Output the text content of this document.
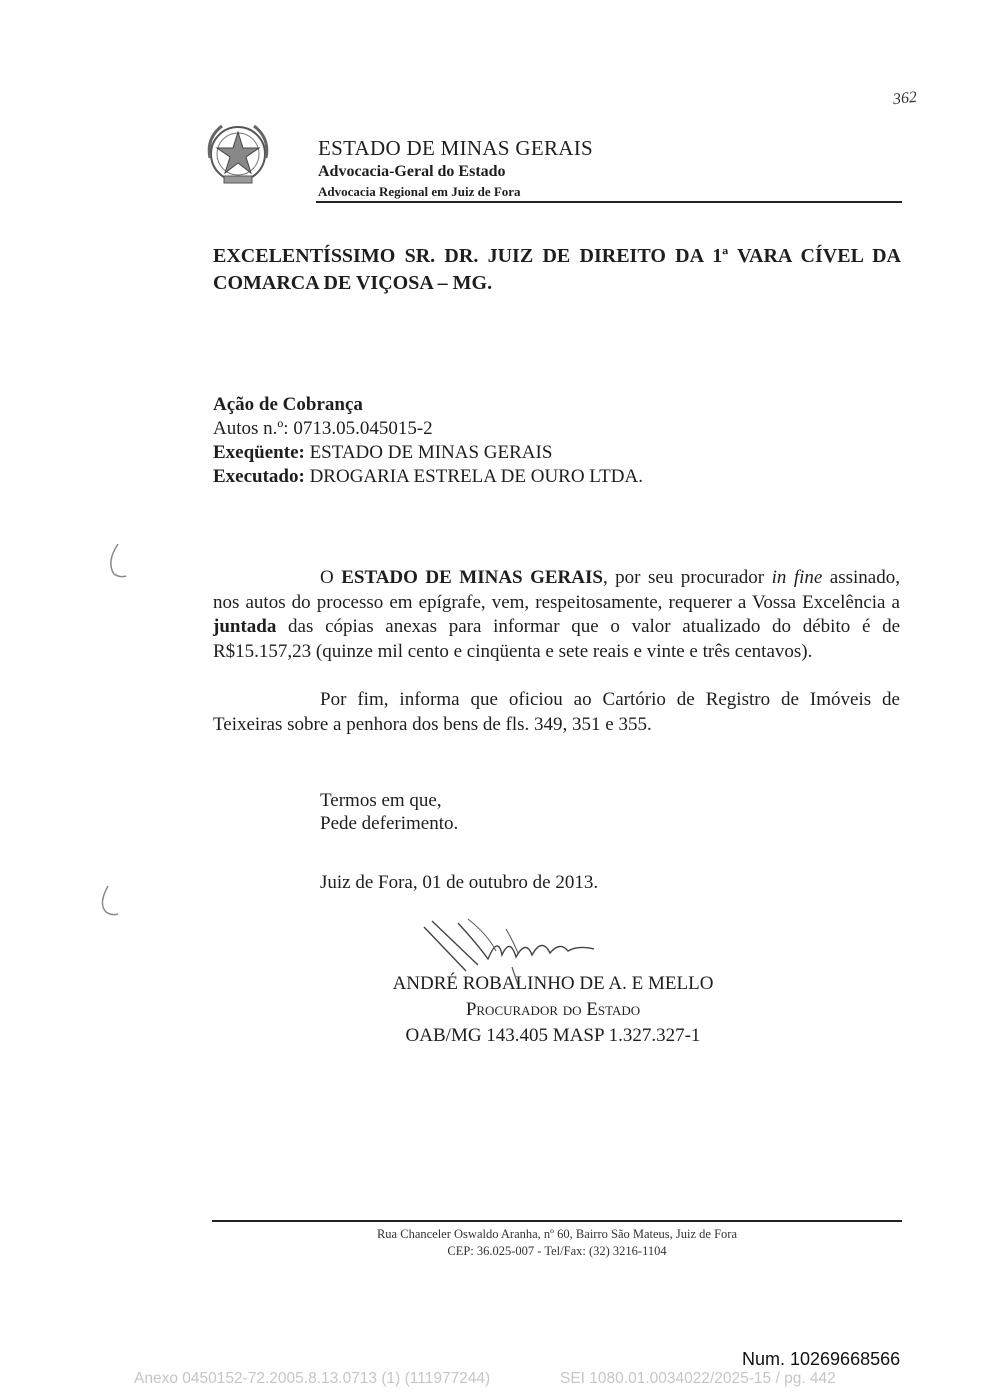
362
ESTADO DE MINAS GERAIS
Advocacia-Geral do Estado
Advocacia Regional em Juiz de Fora
EXCELENTÍSSIMO SR. DR. JUIZ DE DIREITO DA 1ª VARA CÍVEL DA COMARCA DE VIÇOSA – MG.
Ação de Cobrança
Autos n.º: 0713.05.045015-2
Exeqüente: ESTADO DE MINAS GERAIS
Executado: DROGARIA ESTRELA DE OURO LTDA.

O ESTADO DE MINAS GERAIS, por seu procurador in fine assinado, nos autos do processo em epígrafe, vem, respeitosamente, requerer a Vossa Excelência a juntada das cópias anexas para informar que o valor atualizado do débito é de R$15.157,23 (quinze mil cento e cinqüenta e sete reais e vinte e três centavos).

Por fim, informa que oficiou ao Cartório de Registro de Imóveis de Teixeiras sobre a penhora dos bens de fls. 349, 351 e 355.

Termos em que,
Pede deferimento.
Juiz de Fora, 01 de outubro de 2013.
ANDRÉ ROBALINHO DE A. E MELLO
Procurador do Estado
OAB/MG 143.405 MASP 1.327.327-1
Rua Chanceler Oswaldo Aranha, nº 60, Bairro São Mateus, Juiz de Fora
CEP: 36.025-007 - Tel/Fax: (32) 3216-1104
Num. 10269668566
Anexo 0450152-72.2005.8.13.0713 (1) (111977244)	SEI 1080.01.0034022/2025-15 / pg. 442
